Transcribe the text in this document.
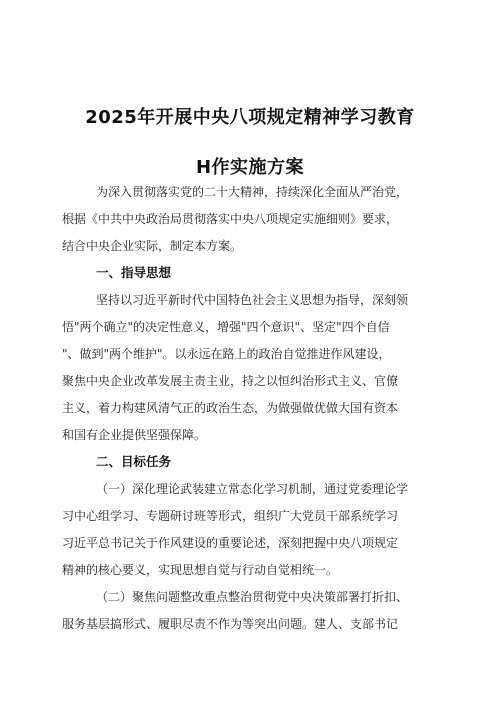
2025年开展中央八项规定精神学习教育
H作实施方案
为深入贯彻落实党的二十大精神，持续深化全面从严治党，
根据《中共中央政治局贯彻落实中央八项规定实施细则》要求，
结合中央企业实际，制定本方案。
一、指导思想
坚持以习近平新时代中国特色社会主义思想为指导，深刻领
悟"两个确立"的决定性意义，增强"四个意识"、坚定"四个自信
"、做到"两个维护"。以永远在路上的政治自觉推进作风建设，
聚焦中央企业改革发展主责主业，持之以恒纠治形式主义、官僚
主义，着力构建风清气正的政治生态，为做强做优做大国有资本
和国有企业提供坚强保障。
二、目标任务
（一）深化理论武装建立常态化学习机制，通过党委理论学
习中心组学习、专题研讨班等形式，组织广大党员干部系统学习
习近平总书记关于作风建设的重要论述，深刻把握中央八项规定
精神的核心要义，实现思想自觉与行动自觉相统一。
（二）聚焦问题整改重点整治贯彻党中央决策部署打折扣、
服务基层搞形式、履职尽责不作为等突出问题。建人、支部书记
